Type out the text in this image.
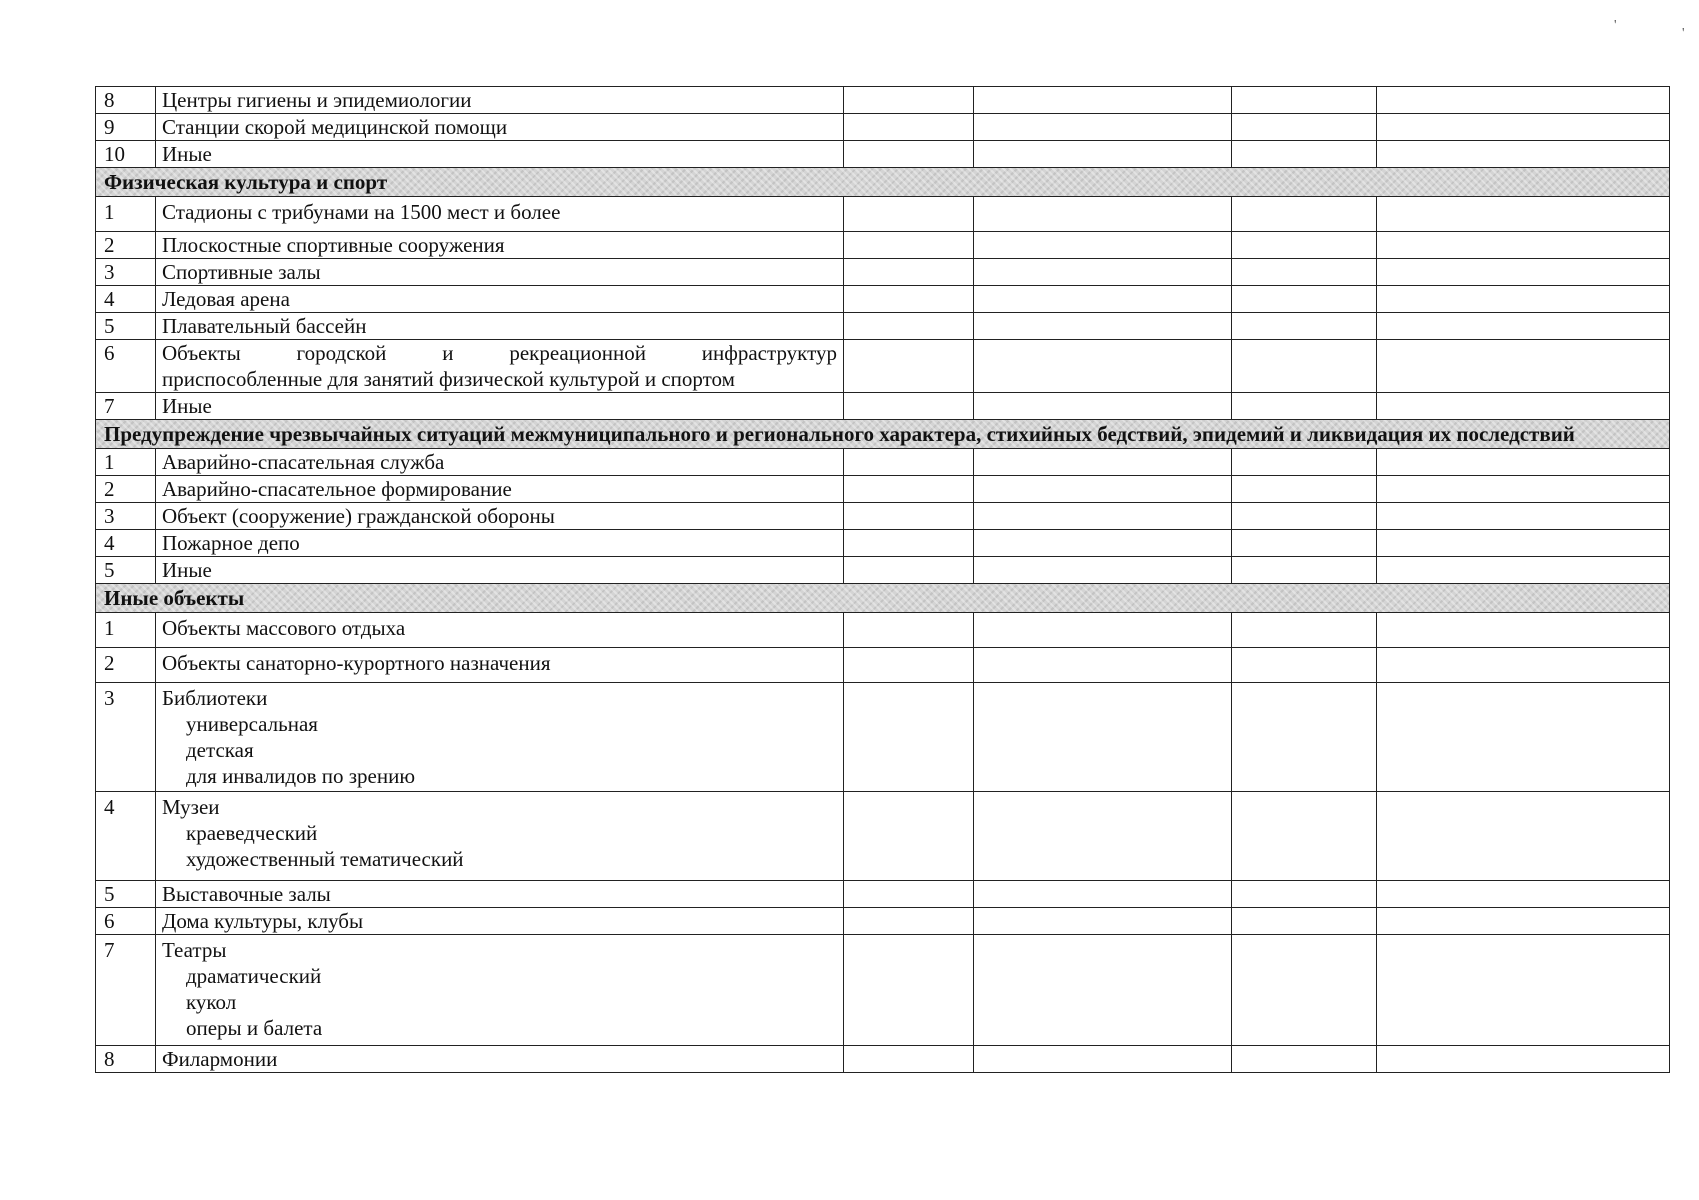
'
'
8	Центры гигиены и эпидемиологии				
9	Станции скорой медицинской помощи				
10	Иные				
Физическая культура и спорт					
1	Стадионы с трибунами на 1500 мест и более				
2	Плоскостные спортивные сооружения				
3	Спортивные залы				
4	Ледовая арена				
5	Плавательный бассейн				
6	Объекты городской и рекреационной инфраструктур
приспособленные для занятий физической культурой и спортом				
7	Иные				
Предупреждение чрезвычайных ситуаций межмуниципального и регионального характера, стихийных бедствий, эпидемий и ликвидация их последствий					
1	Аварийно-спасательная служба				
2	Аварийно-спасательное формирование				
3	Объект (сооружение) гражданской обороны				
4	Пожарное депо				
5	Иные				
Иные объекты					
1	Объекты массового отдыха				
2	Объекты санаторно-курортного назначения				
3	Библиотеки
универсальная
детская
для инвалидов по зрению				

4	Музеи
краеведческий
художественный тематический				

5	Выставочные залы				
6	Дома культуры, клубы				
7	Театры
драматический
кукол
оперы и балета				

8	Филармонии				
